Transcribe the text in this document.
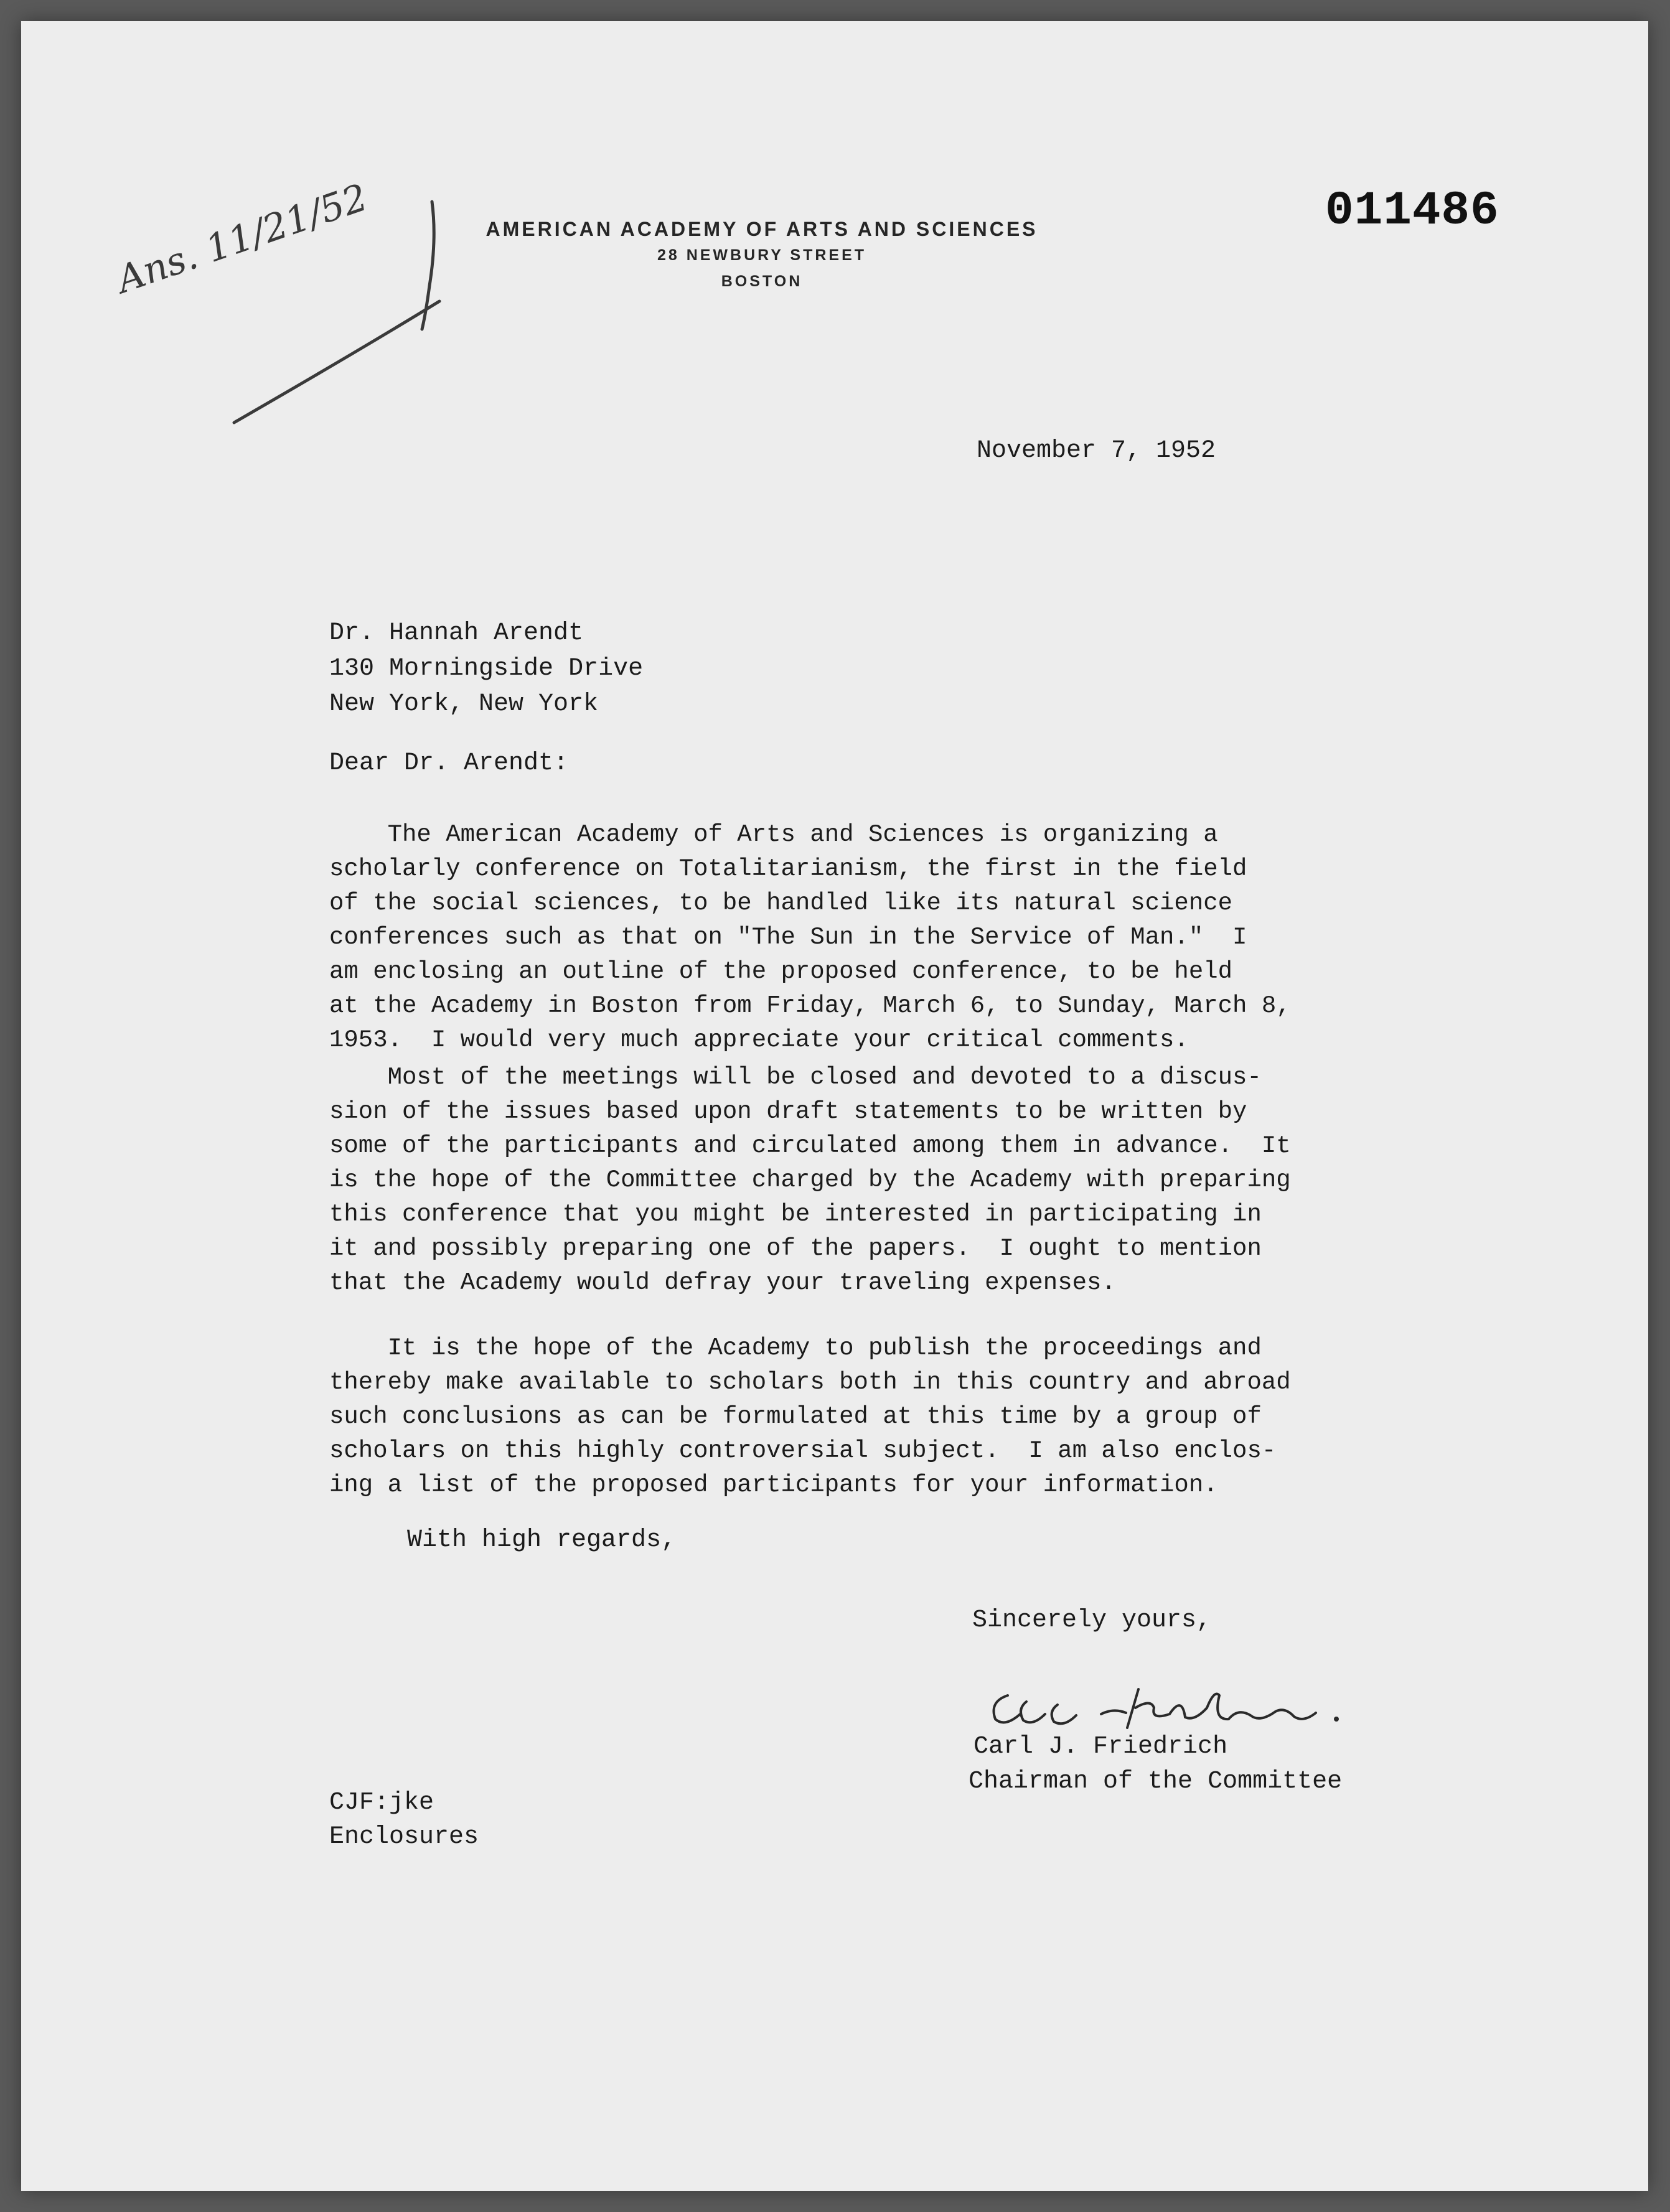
AMERICAN ACADEMY OF ARTS AND SCIENCES
28 NEWBURY STREET
BOSTON
011486
Ans. 11/21/52
November 7, 1952
Dr. Hannah Arendt
130 Morningside Drive
New York, New York
Dear Dr. Arendt:
The American Academy of Arts and Sciences is organizing a
scholarly conference on Totalitarianism, the first in the field
of the social sciences, to be handled like its natural science
conferences such as that on "The Sun in the Service of Man."  I
am enclosing an outline of the proposed conference, to be held
at the Academy in Boston from Friday, March 6, to Sunday, March 8,
1953.  I would very much appreciate your critical comments.
Most of the meetings will be closed and devoted to a discus-
sion of the issues based upon draft statements to be written by
some of the participants and circulated among them in advance.  It
is the hope of the Committee charged by the Academy with preparing
this conference that you might be interested in participating in
it and possibly preparing one of the papers.  I ought to mention
that the Academy would defray your traveling expenses.
It is the hope of the Academy to publish the proceedings and
thereby make available to scholars both in this country and abroad
such conclusions as can be formulated at this time by a group of
scholars on this highly controversial subject.  I am also enclos-
ing a list of the proposed participants for your information.
With high regards,
Sincerely yours,
Carl J. Friedrich
Chairman of the Committee
CJF:jke
Enclosures
